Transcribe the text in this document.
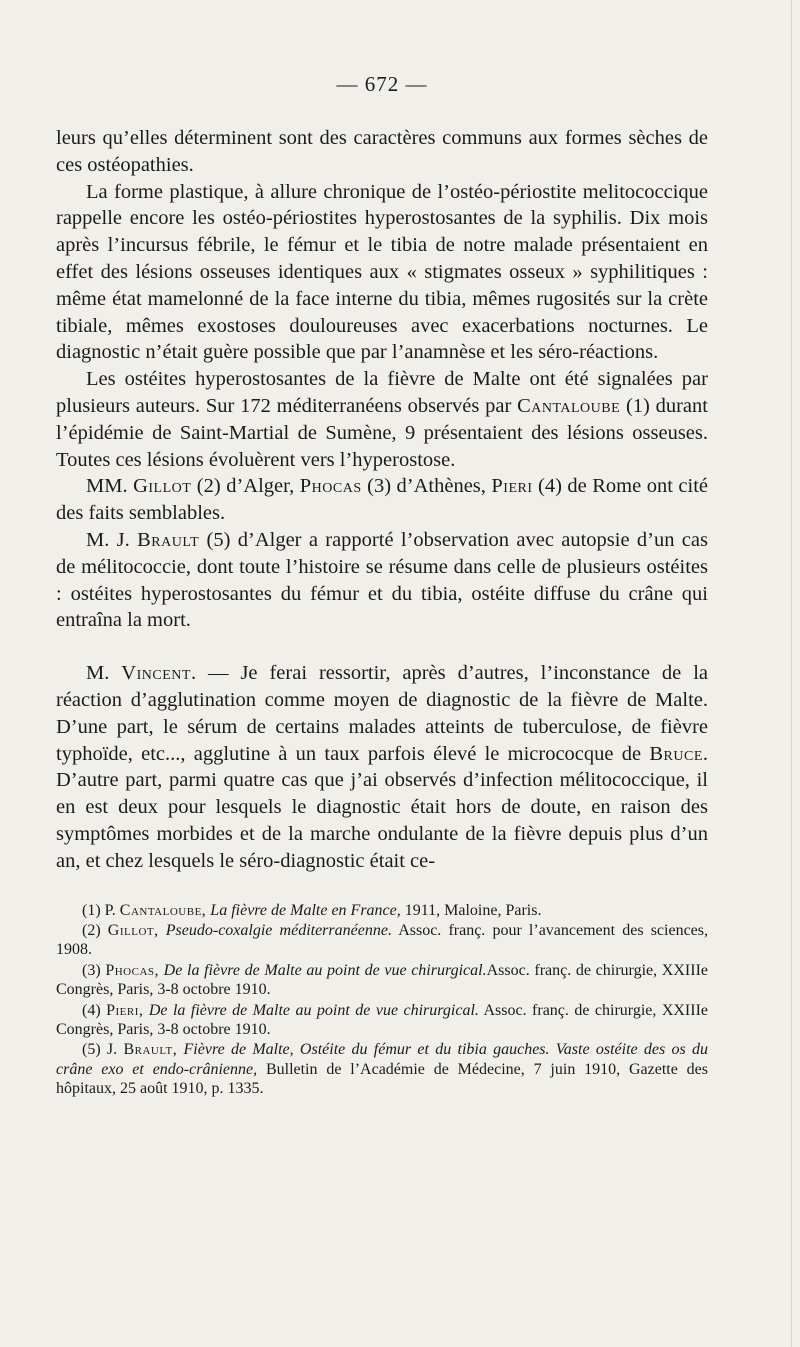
— 672 —

leurs qu’elles déterminent sont des caractères communs aux formes sèches de ces ostéopathies.

La forme plastique, à allure chronique de l’ostéo-périostite melitococcique rappelle encore les ostéo-périostites hyperostosantes de la syphilis. Dix mois après l’incursus fébrile, le fémur et le tibia de notre malade présentaient en effet des lésions osseuses identiques aux « stigmates osseux » syphilitiques : même état mamelonné de la face interne du tibia, mêmes rugosités sur la crète tibiale, mêmes exostoses douloureuses avec exacerbations nocturnes. Le diagnostic n’était guère possible que par l’anamnèse et les séro-réactions.

Les ostéites hyperostosantes de la fièvre de Malte ont été signalées par plusieurs auteurs. Sur 172 méditerranéens observés par Cantaloube (1) durant l’épidémie de Saint-Martial de Sumène, 9 présentaient des lésions osseuses. Toutes ces lésions évoluèrent vers l’hyperostose.

MM. Gillot (2) d’Alger, Phocas (3) d’Athènes, Pieri (4) de Rome ont cité des faits semblables.

M. J. Brault (5) d’Alger a rapporté l’observation avec autopsie d’un cas de mélitococcie, dont toute l’histoire se résume dans celle de plusieurs ostéites : ostéites hyperostosantes du fémur et du tibia, ostéite diffuse du crâne qui entraîna la mort.

M. Vincent. — Je ferai ressortir, après d’autres, l’inconstance de la réaction d’agglutination comme moyen de diagnostic de la fièvre de Malte. D’une part, le sérum de certains malades atteints de tuberculose, de fièvre typhoïde, etc..., agglutine à un taux parfois élevé le micrococque de Bruce. D’autre part, parmi quatre cas que j’ai observés d’infection mélitococcique, il en est deux pour lesquels le diagnostic était hors de doute, en raison des symptômes morbides et de la marche ondulante de la fièvre depuis plus d’un an, et chez lesquels le séro-diagnostic était ce-

(1) P. Cantaloube, La fièvre de Malte en France, 1911, Maloine, Paris.

(2) Gillot, Pseudo-coxalgie méditerranéenne. Assoc. franç. pour l’avancement des sciences, 1908.

(3) Phocas, De la fièvre de Malte au point de vue chirurgical.Assoc. franç. de chirurgie, XXIIIe Congrès, Paris, 3-8 octobre 1910.

(4) Pieri, De la fièvre de Malte au point de vue chirurgical. Assoc. franç. de chirurgie, XXIIIe Congrès, Paris, 3-8 octobre 1910.

(5) J. Brault, Fièvre de Malte, Ostéite du fémur et du tibia gauches. Vaste ostéite des os du crâne exo et endo-crânienne, Bulletin de l’Académie de Médecine, 7 juin 1910, Gazette des hôpitaux, 25 août 1910, p. 1335.
